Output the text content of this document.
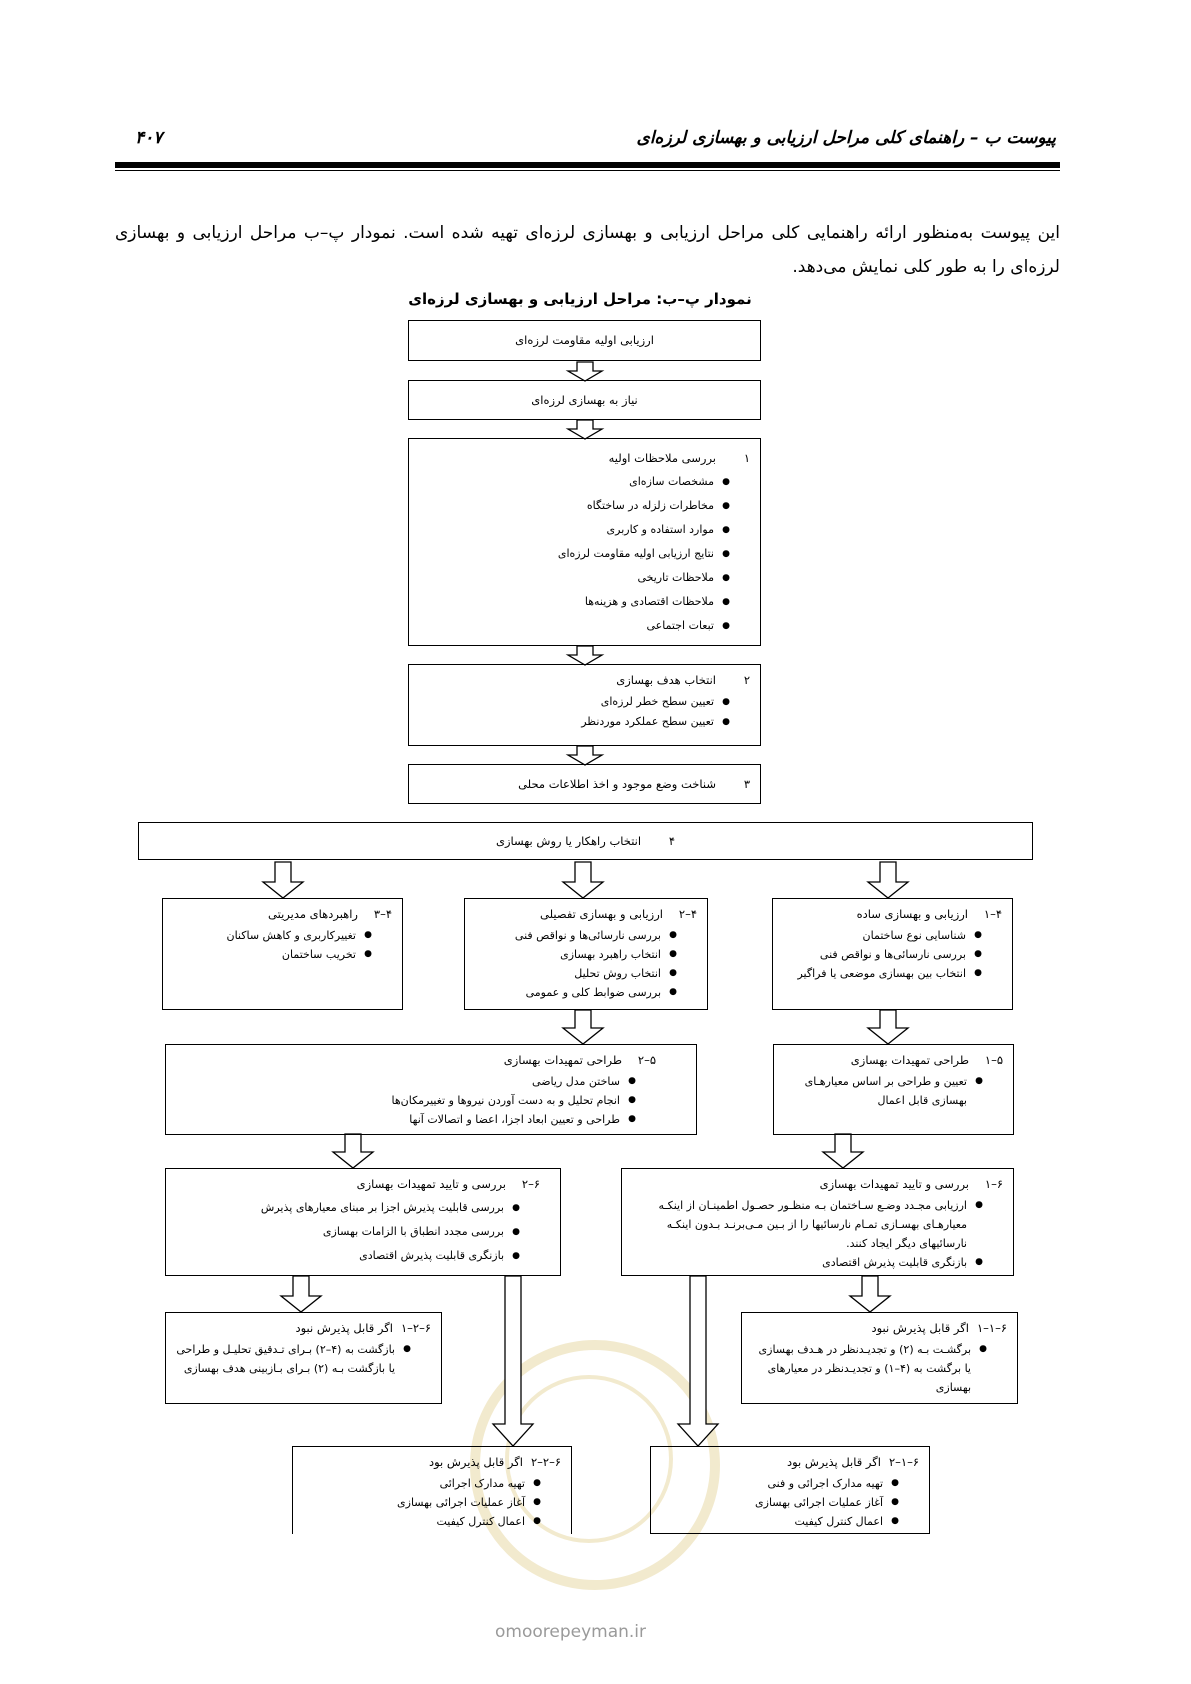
پیوست ب – راهنمای کلی مراحل ارزیابی و بهسازی لرزه‌ای
۴۰۷
این پیوست به‌منظور ارائه راهنمایی کلی مراحل ارزیابی و بهسازی لرزه‌ای تهیه شده است. نمودار پ–ب مراحل ارزیابی و بهسازی لرزه‌ای را به طور کلی نمایش می‌دهد.
نمودار پ–ب: مراحل ارزیابی و بهسازی لرزه‌ای
omoorepeyman.ir
ارزیابی اولیه مقاومت لرزه‌ای
نیاز به بهسازی لرزه‌ای
۱
بررسی ملاحظات اولیه
● مشخصات سازه‌ای
● مخاطرات زلزله در ساختگاه
● موارد استفاده و کاربری
● نتایج ارزیابی اولیه مقاومت لرزه‌ای
● ملاحظات تاریخی
● ملاحظات اقتصادی و هزینه‌ها
● تبعات اجتماعی
۲
انتخاب هدف بهسازی
● تعیین سطح خطر لرزه‌ای
● تعیین سطح عملکرد موردنظر
۳
شناخت وضع موجود و اخذ اطلاعات محلی
۴
انتخاب راهکار یا روش بهسازی
۴–۳
راهبردهای مدیریتی
● تغییرکاربری و کاهش ساکنان
● تخریب ساختمان
۴–۲
ارزیابی و بهسازی تفصیلی
● بررسی نارسائی‌ها و نواقص فنی
● انتخاب راهبرد بهسازی
● انتخاب روش تحلیل
● بررسی ضوابط کلی و عمومی
۴–۱
ارزیابی و بهسازی ساده
● شناسایی نوع ساختمان
● بررسی نارسائی‌ها و نواقص فنی
● انتخاب بین بهسازی موضعی یا فراگیر
۵–۲
طراحی تمهیدات بهسازی
● ساختن مدل ریاضی
● انجام تحلیل و به دست آوردن نیروها و تغییرمکان‌ها
● طراحی و تعیین ابعاد اجزا، اعضا و اتصالات آنها
۵–۱
طراحی تمهیدات بهسازی
● تعیین و طراحی بر اساس معیارهـای بهسازی قابل اعمال
۶–۲
بررسی و تایید تمهیدات بهسازی
● بررسی قابلیت پذیرش اجزا بر مبنای معیارهای پذیرش
● بررسی مجدد انطباق با الزامات بهسازی
● بازنگری قابلیت پذیرش اقتصادی
۶–۱
بررسی و تایید تمهیدات بهسازی
● ارزیابی مجـدد وضـع سـاختمان بـه منظـور حصـول اطمینـان از اینکـه معیارهـای بهسـازی تمـام نارسائیها را از بـین مـی‌برنـد بـدون اینکـه نارسائیهای دیگر ایجاد کنند.
● بازنگری قابلیت پذیرش اقتصادی
۶–۲–۱
اگر قابل پذیرش نبود
● بازگشت به (۴–۲) بـرای تـدقیق تحلیـل و طراحی یا بازگشت بـه (۲) بـرای بـازبینی هدف بهسازی
۶–۱–۱
اگر قابل پذیرش نبود
● برگشـت بـه (۲) و تجدیـدنظر در هـدف بهسازی یا برگشت به (۴–۱) و تجدیـدنظر در معیارهای بهسازی
۶–۲–۲
اگر قابل پذیرش بود
● تهیه مدارک اجرائی
● آغاز عملیات اجرائی بهسازی
● اعمال کنترل کیفیت
۶–۱–۲
اگر قابل پذیرش بود
● تهیه مدارک اجرائی و فنی
● آغاز عملیات اجرائی بهسازی
● اعمال کنترل کیفیت
